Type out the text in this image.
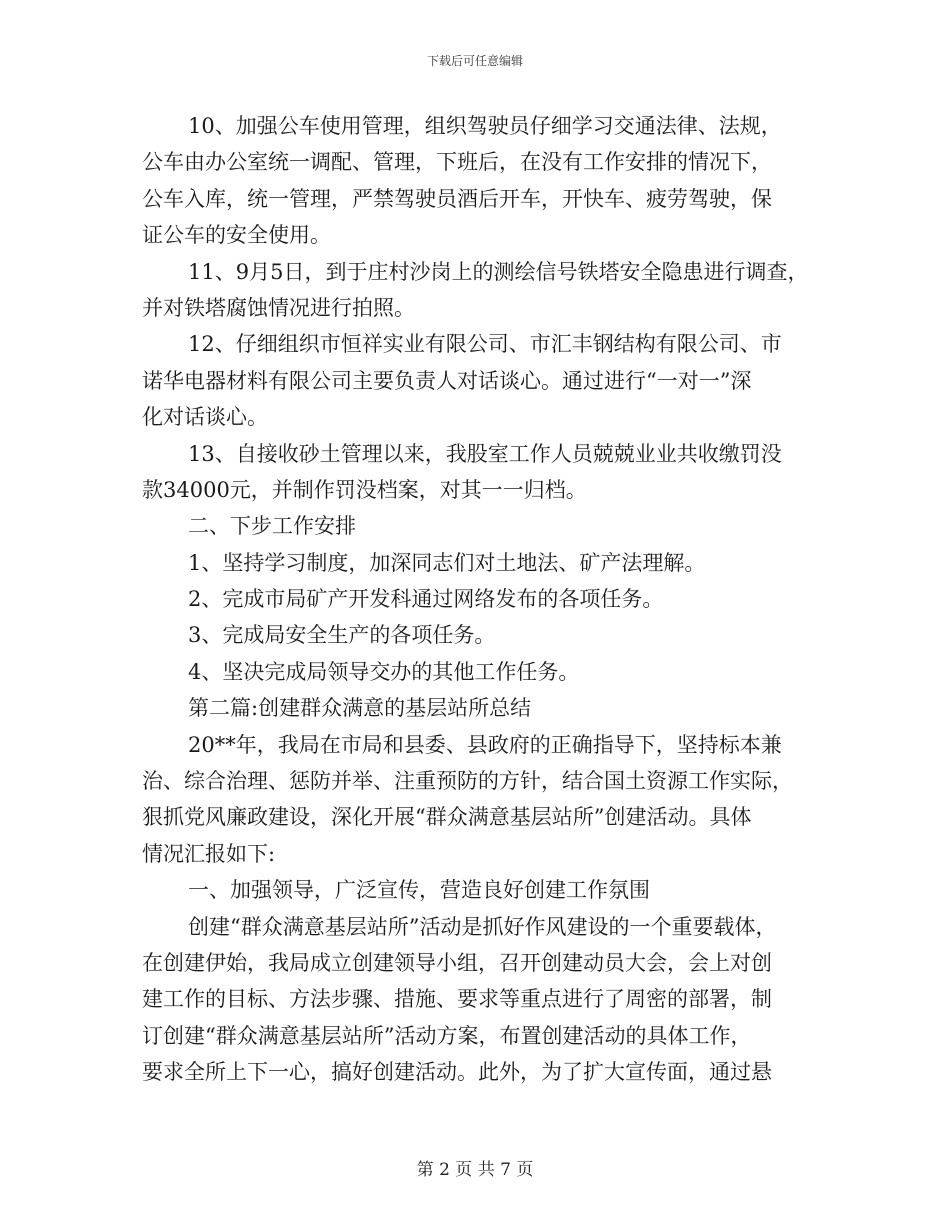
下载后可任意编辑
10、加强公车使用管理，组织驾驶员仔细学习交通法律、法规，
公车由办公室统一调配、管理，下班后，在没有工作安排的情况下，
公车入库，统一管理，严禁驾驶员酒后开车，开快车、疲劳驾驶，保
证公车的安全使用。
11、9月5日，到于庄村沙岗上的测绘信号铁塔安全隐患进行调查，
并对铁塔腐蚀情况进行拍照。
12、仔细组织市恒祥实业有限公司、市汇丰钢结构有限公司、市
诺华电器材料有限公司主要负责人对话谈心。通过进行“一对一”深
化对话谈心。
13、自接收砂土管理以来，我股室工作人员兢兢业业共收缴罚没
款34000元，并制作罚没档案，对其一一归档。
二、下步工作安排
1、坚持学习制度，加深同志们对土地法、矿产法理解。
2、完成市局矿产开发科通过网络发布的各项任务。
3、完成局安全生产的各项任务。
4、坚决完成局领导交办的其他工作任务。
第二篇:创建群众满意的基层站所总结
20**年，我局在市局和县委、县政府的正确指导下，坚持标本兼
治、综合治理、惩防并举、注重预防的方针，结合国土资源工作实际，
狠抓党风廉政建设，深化开展“群众满意基层站所”创建活动。具体
情况汇报如下:
一、加强领导，广泛宣传，营造良好创建工作氛围
创建“群众满意基层站所”活动是抓好作风建设的一个重要载体，
在创建伊始，我局成立创建领导小组，召开创建动员大会，会上对创
建工作的目标、方法步骤、措施、要求等重点进行了周密的部署，制
订创建“群众满意基层站所”活动方案，布置创建活动的具体工作，
要求全所上下一心，搞好创建活动。此外，为了扩大宣传面，通过悬
第 2 页 共 7 页
